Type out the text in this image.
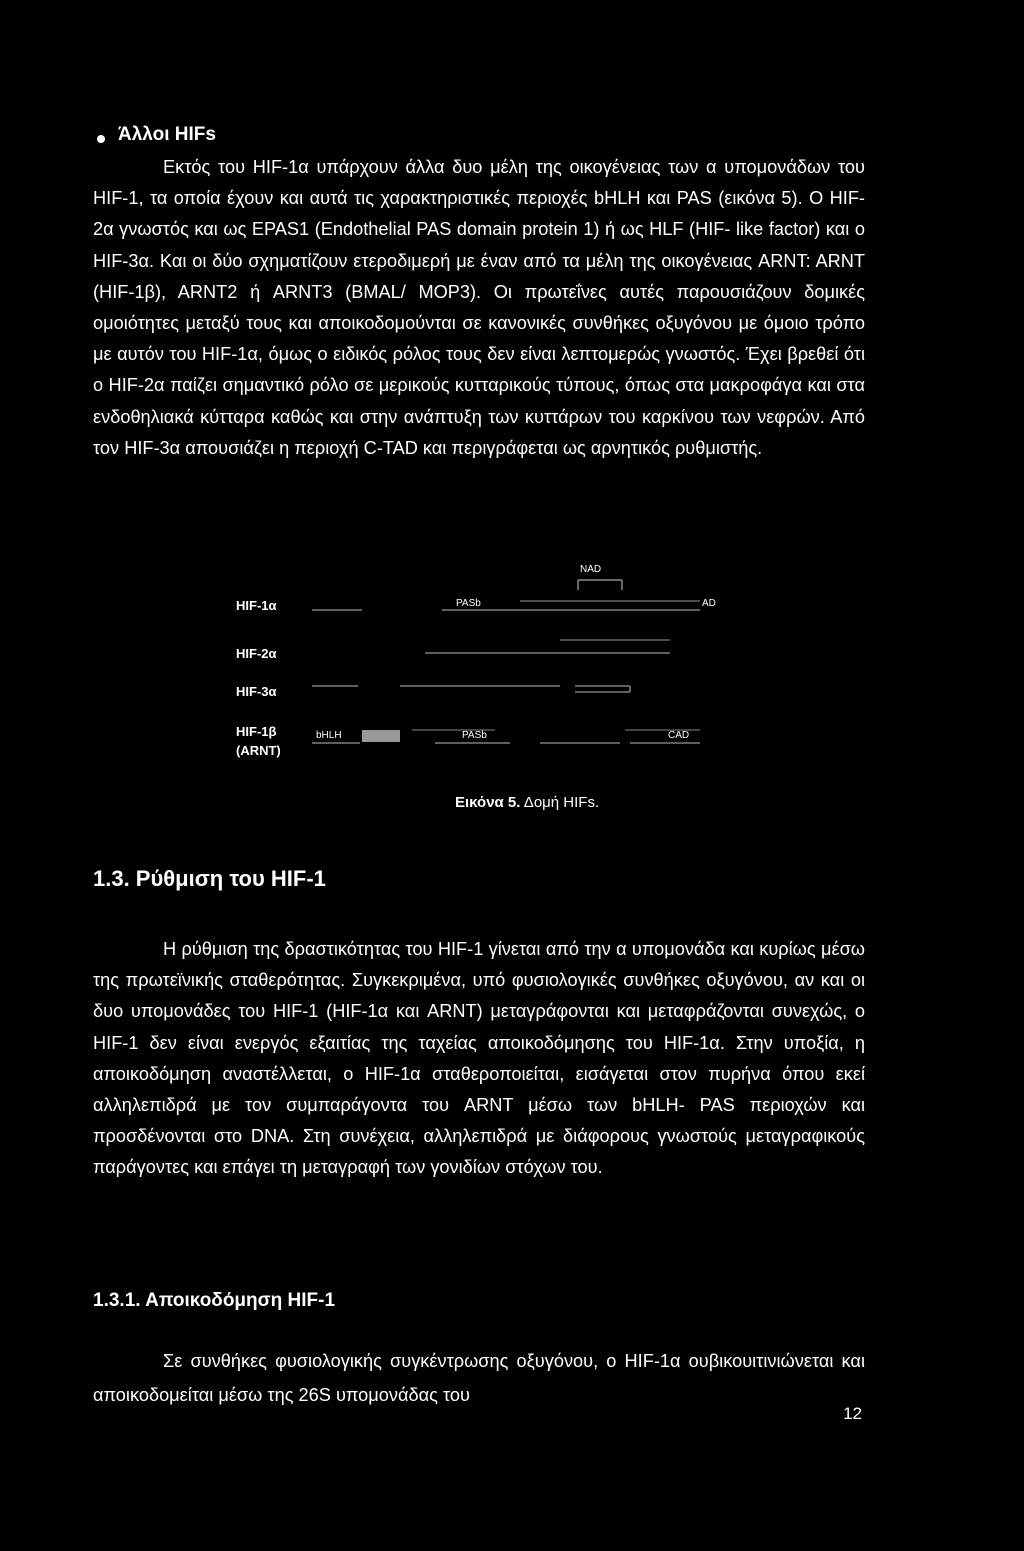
Άλλοι HIFs

Εκτός του HIF-1α υπάρχουν άλλα δυο μέλη της οικογένειας των α υπομονάδων του HIF-1, τα οποία έχουν και αυτά τις χαρακτηριστικές περιοχές bHLH και PAS (εικόνα 5). Ο HIF-2α γνωστός και ως EPAS1 (Endothelial PAS domain protein 1) ή ως HLF (HIF- like factor) και ο HIF-3α. Και οι δύο σχηματίζουν ετεροδιμερή με έναν από τα μέλη της οικογένειας ARNT: ARNT (HIF-1β), ARNT2 ή ARNT3 (BMAL/ MOP3). Οι πρωτεΐνες αυτές παρουσιάζουν δομικές ομοιότητες μεταξύ τους και αποικοδομούνται σε κανονικές συνθήκες οξυγόνου με όμοιο τρόπο με αυτόν του HIF-1α, όμως ο ειδικός ρόλος τους δεν είναι λεπτομερώς γνωστός. Έχει βρεθεί ότι ο HIF-2α παίζει σημαντικό ρόλο σε μερικούς κυτταρικούς τύπους, όπως στα μακροφάγα και στα ενδοθηλιακά κύτταρα καθώς και στην ανάπτυξη των κυττάρων του καρκίνου των νεφρών. Από τον HIF-3α απουσιάζει η περιοχή C-TAD και περιγράφεται ως αρνητικός ρυθμιστής.

HIF-1α
HIF-2α
HIF-3α
HIF-1β
(ARNT)
NAD
PASb	AD
bHLH	PASb	CAD
Εικόνα 5. Δομή HIFs.
1.3. Ρύθμιση του HIF-1

Η ρύθμιση της δραστικότητας του HIF-1 γίνεται από την α υπομονάδα και κυρίως μέσω της πρωτεϊνικής σταθερότητας. Συγκεκριμένα, υπό φυσιολογικές συνθήκες οξυγόνου, αν και οι δυο υπομονάδες του HIF-1 (HIF-1α και ARNT) μεταγράφονται και μεταφράζονται συνεχώς, ο HIF-1 δεν είναι ενεργός εξαιτίας της ταχείας αποικοδόμησης του HIF-1α. Στην υποξία, η αποικοδόμηση αναστέλλεται, ο HIF-1α σταθεροποιείται, εισάγεται στον πυρήνα όπου εκεί αλληλεπιδρά με τον συμπαράγοντα του ARNT μέσω των bHLH- PAS περιοχών και προσδένονται στο DNA. Στη συνέχεια, αλληλεπιδρά με διάφορους γνωστούς μεταγραφικούς παράγοντες και επάγει τη μεταγραφή των γονιδίων στόχων του.

1.3.1. Αποικοδόμηση HIF-1

Σε συνθήκες φυσιολογικής συγκέντρωσης οξυγόνου, ο HIF-1α ουβικουιτινιώνεται και αποικοδομείται μέσω της 26S υπομονάδας του

12
